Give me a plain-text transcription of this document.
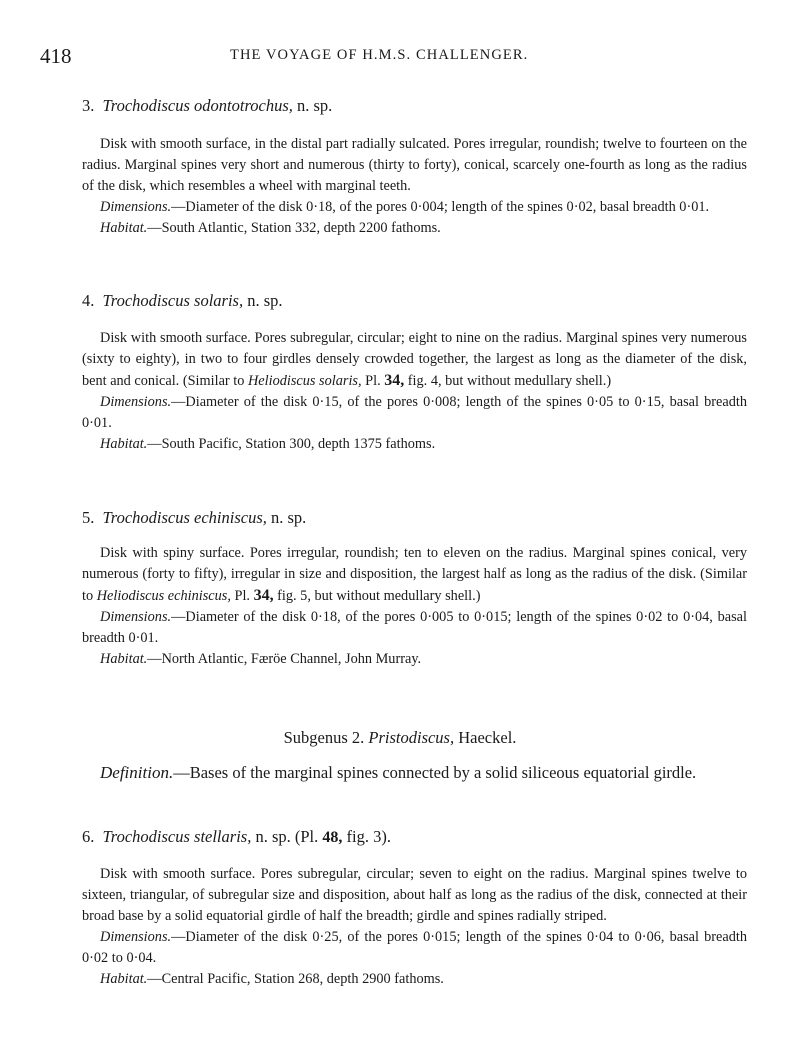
418	THE VOYAGE OF H.M.S. CHALLENGER.
3. Trochodiscus odontotrochus, n. sp.

Disk with smooth surface, in the distal part radially sulcated. Pores irregular, roundish; twelve to fourteen on the radius. Marginal spines very short and numerous (thirty to forty), conical, scarcely one-fourth as long as the radius of the disk, which resembles a wheel with marginal teeth.

Dimensions.—Diameter of the disk 0·18, of the pores 0·004; length of the spines 0·02, basal breadth 0·01.

Habitat.—South Atlantic, Station 332, depth 2200 fathoms.

4. Trochodiscus solaris, n. sp.

Disk with smooth surface. Pores subregular, circular; eight to nine on the radius. Marginal spines very numerous (sixty to eighty), in two to four girdles densely crowded together, the largest as long as the diameter of the disk, bent and conical. (Similar to Heliodiscus solaris, Pl. 34, fig. 4, but without medullary shell.)

Dimensions.—Diameter of the disk 0·15, of the pores 0·008; length of the spines 0·05 to 0·15, basal breadth 0·01.

Habitat.—South Pacific, Station 300, depth 1375 fathoms.

5. Trochodiscus echiniscus, n. sp.

Disk with spiny surface. Pores irregular, roundish; ten to eleven on the radius. Marginal spines conical, very numerous (forty to fifty), irregular in size and disposition, the largest half as long as the radius of the disk. (Similar to Heliodiscus echiniscus, Pl. 34, fig. 5, but without medullary shell.)

Dimensions.—Diameter of the disk 0·18, of the pores 0·005 to 0·015; length of the spines 0·02 to 0·04, basal breadth 0·01.

Habitat.—North Atlantic, Færöe Channel, John Murray.

Subgenus 2. Pristodiscus, Haeckel.

Definition.—Bases of the marginal spines connected by a solid siliceous equatorial girdle.

6. Trochodiscus stellaris, n. sp. (Pl. 48, fig. 3).

Disk with smooth surface. Pores subregular, circular; seven to eight on the radius. Marginal spines twelve to sixteen, triangular, of subregular size and disposition, about half as long as the radius of the disk, connected at their broad base by a solid equatorial girdle of half the breadth; girdle and spines radially striped.

Dimensions.—Diameter of the disk 0·25, of the pores 0·015; length of the spines 0·04 to 0·06, basal breadth 0·02 to 0·04.

Habitat.—Central Pacific, Station 268, depth 2900 fathoms.
